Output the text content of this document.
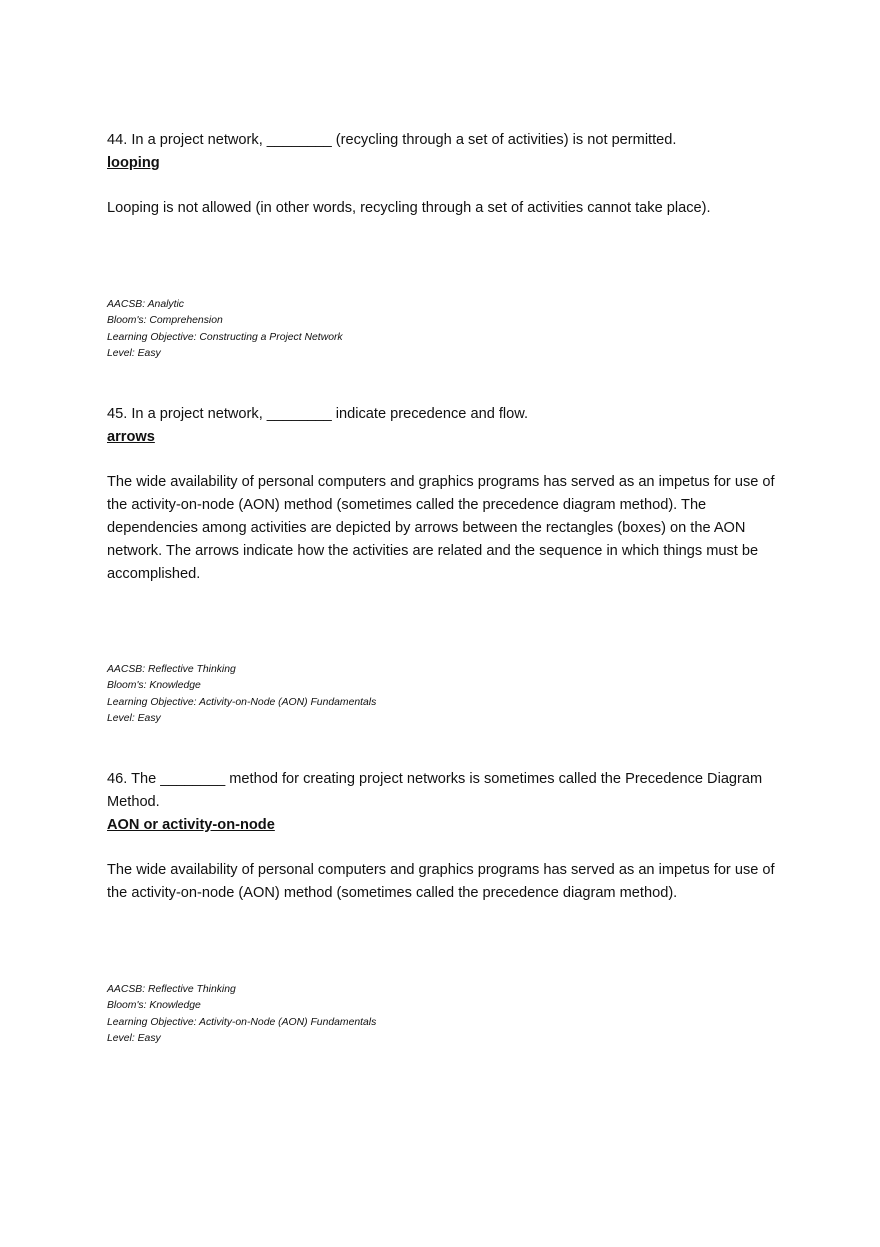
44. In a project network, ________ (recycling through a set of activities) is not permitted.

looping

Looping is not allowed (in other words, recycling through a set of activities cannot take place).

AACSB: Analytic
Bloom's: Comprehension
Learning Objective: Constructing a Project Network
Level: Easy

45. In a project network, ________ indicate precedence and flow.

arrows

The wide availability of personal computers and graphics programs has served as an impetus for use of the activity-on-node (AON) method (sometimes called the precedence diagram method). The dependencies among activities are depicted by arrows between the rectangles (boxes) on the AON network. The arrows indicate how the activities are related and the sequence in which things must be accomplished.

AACSB: Reflective Thinking
Bloom's: Knowledge
Learning Objective: Activity-on-Node (AON) Fundamentals
Level: Easy

46. The ________ method for creating project networks is sometimes called the Precedence Diagram Method.

AON or activity-on-node

The wide availability of personal computers and graphics programs has served as an impetus for use of the activity-on-node (AON) method (sometimes called the precedence diagram method).

AACSB: Reflective Thinking
Bloom's: Knowledge
Learning Objective: Activity-on-Node (AON) Fundamentals
Level: Easy
